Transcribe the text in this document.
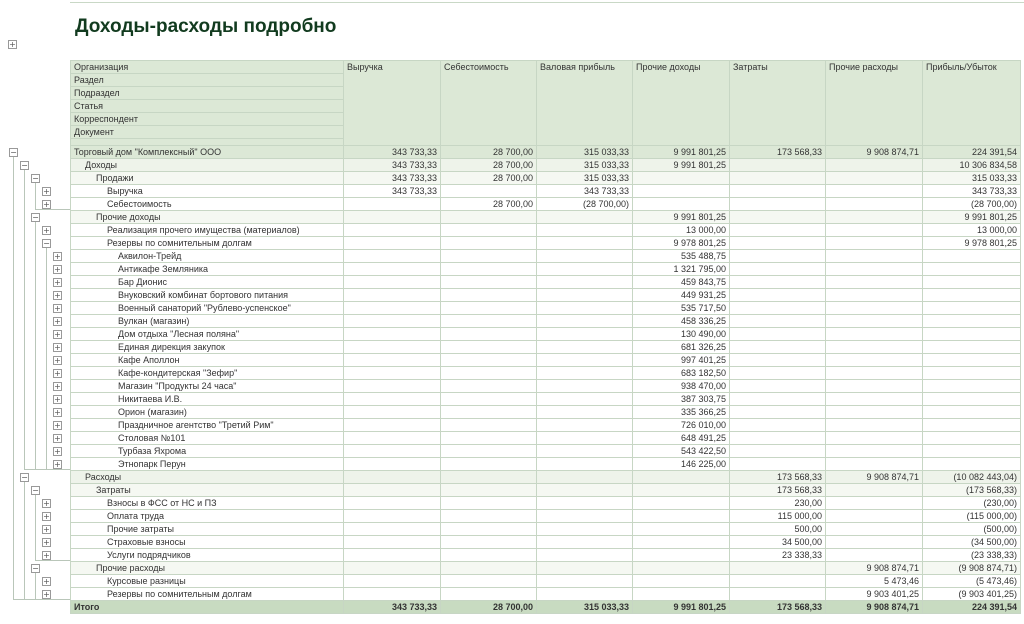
+
Доходы-расходы подробно
Организация	Выручка	Себестоимость	Валовая прибыль	Прочие доходы	Затраты	Прочие расходы	Прибыль/Убыток
Раздел							
Подраздел							
Статья							
Корреспондент							
Документ							

Торговый дом "Комплексный" ООО	343 733,33	28 700,00	315 033,33	9 991 801,25	173 568,33	9 908 874,71	224 391,54
Доходы	343 733,33	28 700,00	315 033,33	9 991 801,25			10 306 834,58
Продажи	343 733,33	28 700,00	315 033,33				315 033,33
Выручка	343 733,33		343 733,33				343 733,33
Себестоимость		28 700,00	(28 700,00)				(28 700,00)
Прочие доходы				9 991 801,25			9 991 801,25
Реализация прочего имущества (материалов)				13 000,00			13 000,00
Резервы по сомнительным долгам				9 978 801,25			9 978 801,25
Аквилон-Трейд				535 488,75			
Антикафе Земляника				1 321 795,00			
Бар Дионис				459 843,75			
Внуковский комбинат бортового питания				449 931,25			
Военный санаторий "Рублево-успенское"				535 717,50			
Вулкан (магазин)				458 336,25			
Дом отдыха "Лесная поляна"				130 490,00			
Единая дирекция закупок				681 326,25			
Кафе Аполлон				997 401,25			
Кафе-кондитерская "Зефир"				683 182,50			
Магазин "Продукты 24 часа"				938 470,00			
Никитаева И.В.				387 303,75			
Орион (магазин)				335 366,25			
Праздничное агентство "Третий Рим"				726 010,00			
Столовая №101				648 491,25			
Турбаза Яхрома				543 422,50			
Этнопарк Перун				146 225,00			
Расходы					173 568,33	9 908 874,71	(10 082 443,04)
Затраты					173 568,33		(173 568,33)
Взносы в ФСС от НС и ПЗ					230,00		(230,00)
Оплата труда					115 000,00		(115 000,00)
Прочие затраты					500,00		(500,00)
Страховые взносы					34 500,00		(34 500,00)
Услуги подрядчиков					23 338,33		(23 338,33)
Прочие расходы						9 908 874,71	(9 908 874,71)
Курсовые разницы						5 473,46	(5 473,46)
Резервы по сомнительным долгам						9 903 401,25	(9 903 401,25)
Итого	343 733,33	28 700,00	315 033,33	9 991 801,25	173 568,33	9 908 874,71	224 391,54
−
−
−
+
+
−
+
−
+
+
+
+
+
+
+
+
+
+
+
+
+
+
+
+
+
−
−
+
+
+
+
+
−
+
+
